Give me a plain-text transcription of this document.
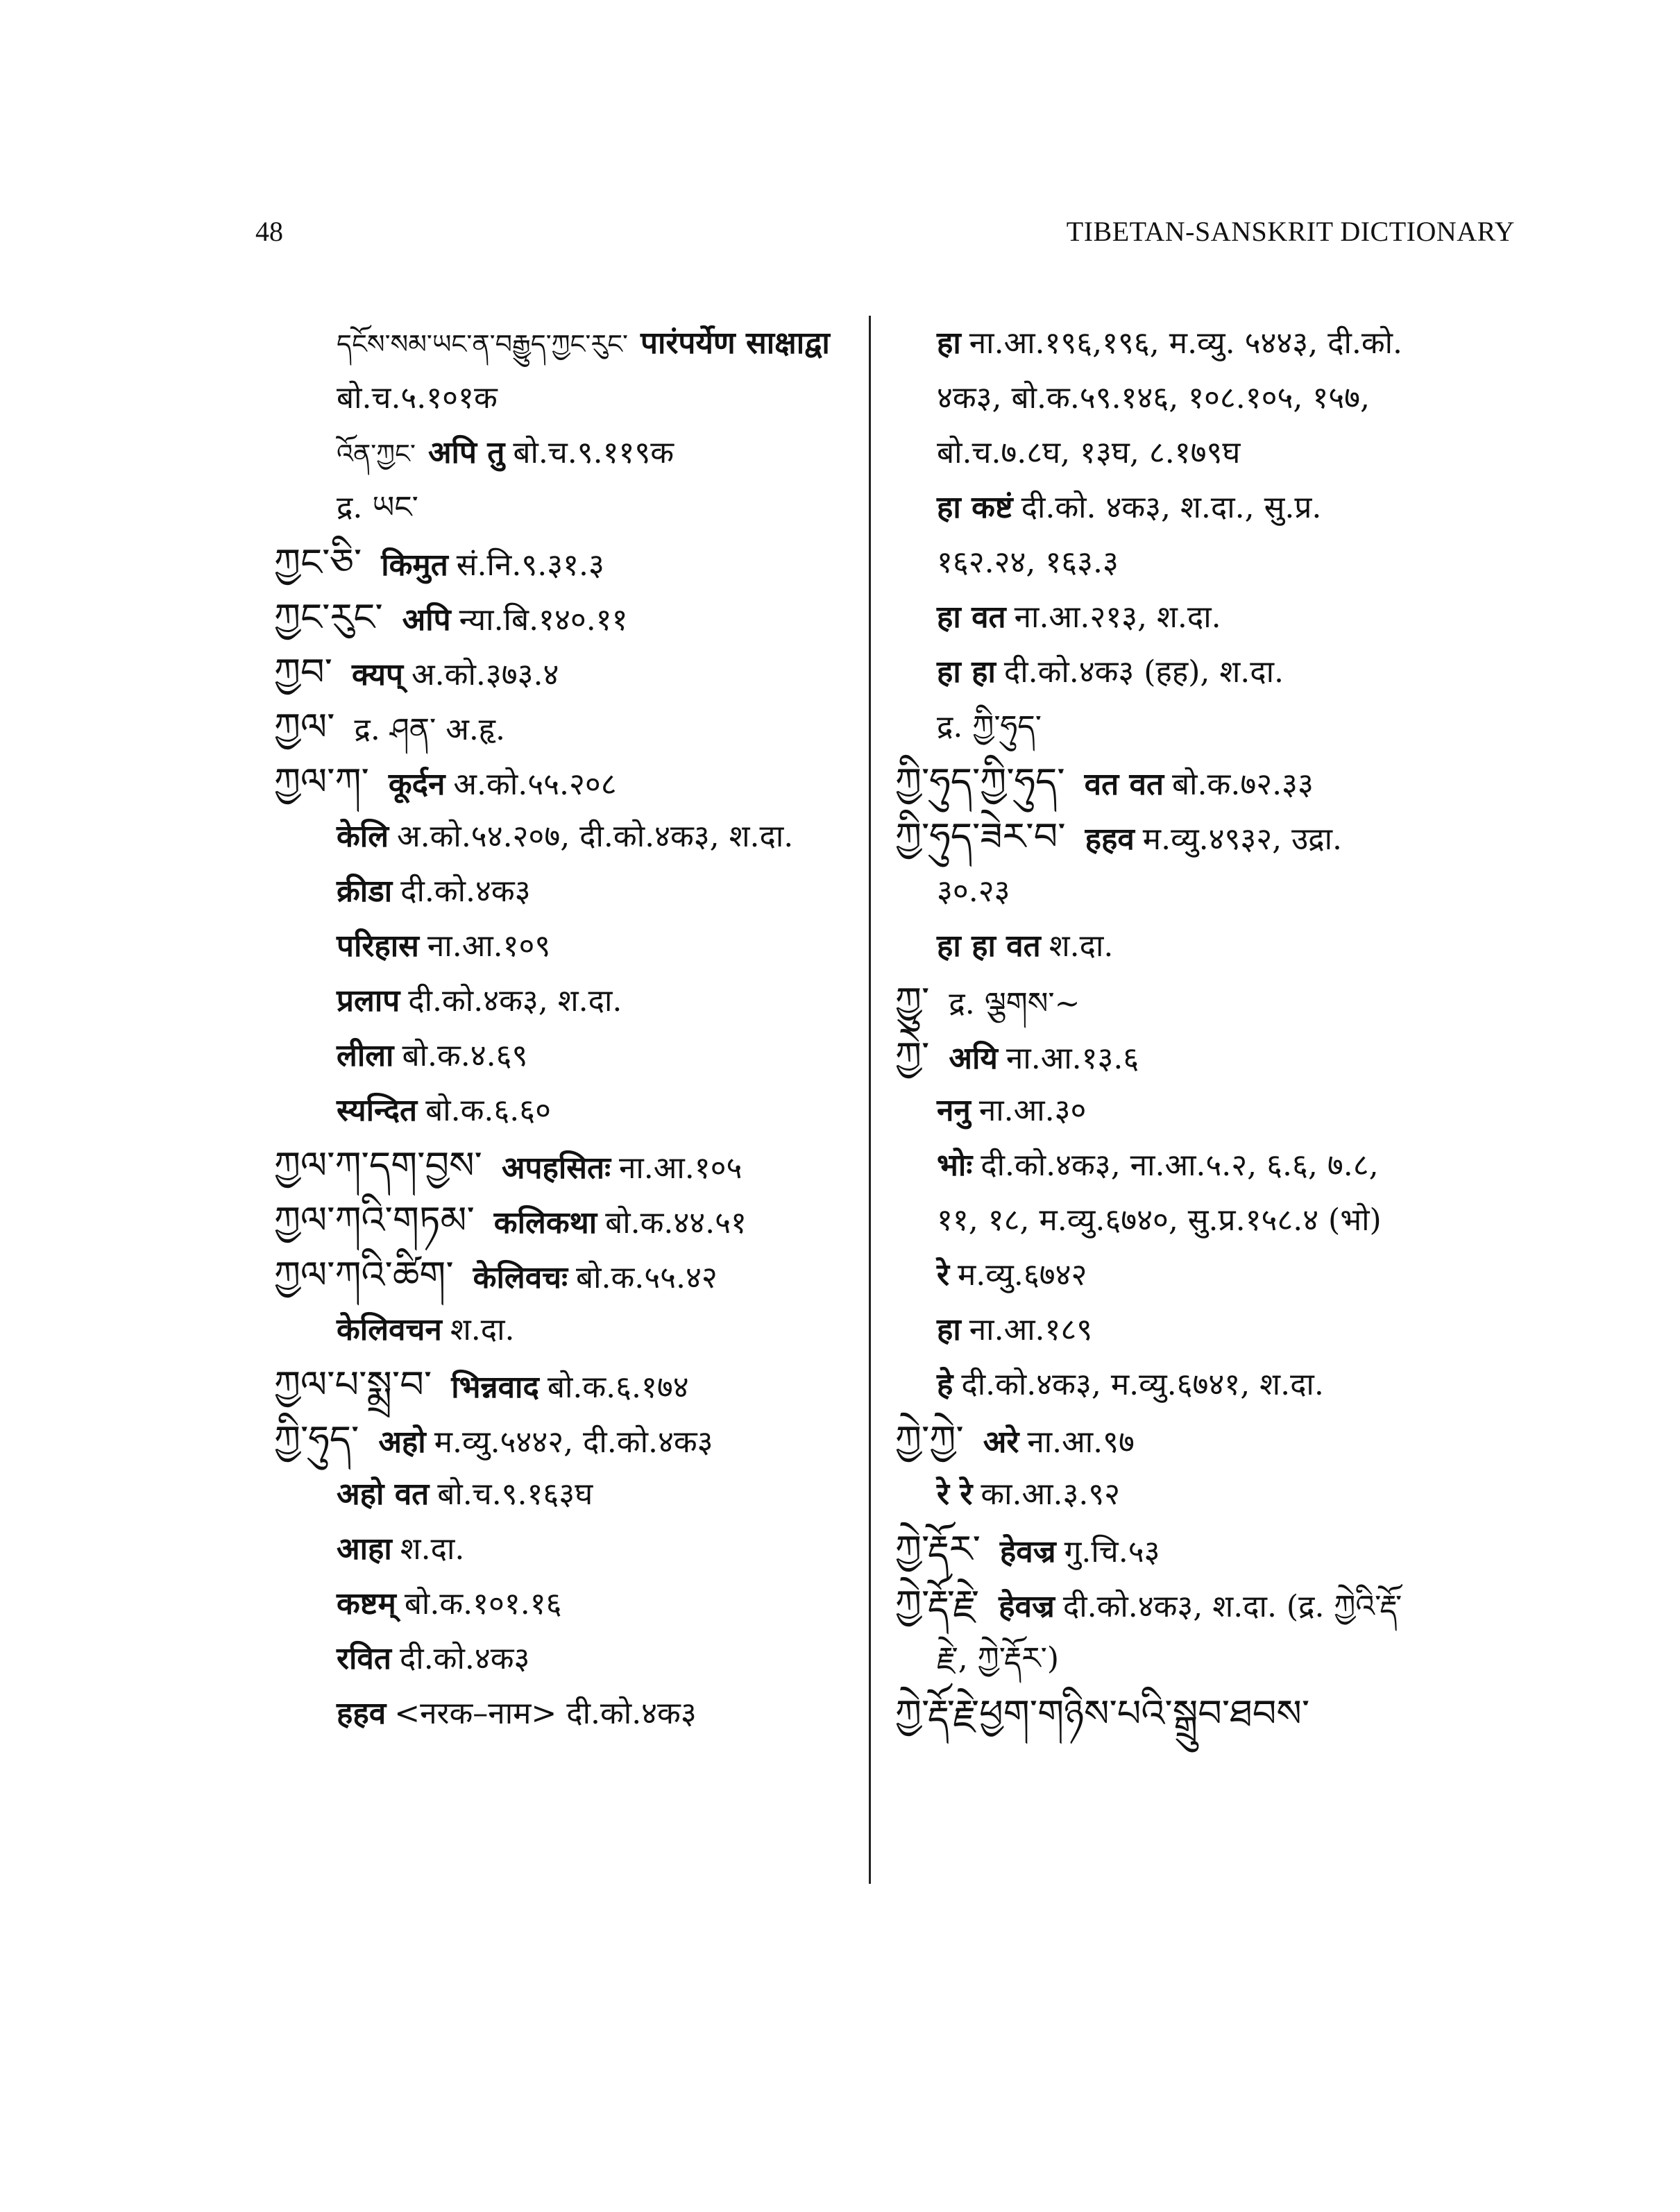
48	TIBETAN-SANSKRIT DICTIONARY
དངོས་སམ་ཡང་ན་བརྒྱུད་ཀྱང་རུང་ पारंपर्येण साक्षाद्वा
बो.च.५.१०१क
འོན་ཀྱང་ अपि तु बो.च.९.११९क
द्र. ཡང་
ཀྱང་ཅི་ किमुत सं.नि.९.३१.३
ཀྱང་རུང་ अपि न्या.बि.१४०.११
ཀྱབ་ क्यप् अ.को.३७३.४
ཀྱལ་ द्र. ཤན་ अ.हृ.
ཀྱལ་ཀ་ कूर्दन अ.को.५५.२०८
केलि अ.को.५४.२०७, दी.को.४क३, श.दा.
क्रीडा दी.को.४क३
परिहास ना.आ.१०९
प्रलाप दी.को.४क३, श.दा.
लीला बो.क.४.६९
स्यन्दित बो.क.६.६०
ཀྱལ་ཀ་དག་བྱས་ अपहसितः ना.आ.१०५
ཀྱལ་ཀའི་གཏམ་ कलिकथा बो.क.४४.५१
ཀྱལ་ཀའི་ཚིག་ केलिवचः बो.क.५५.४२
केलिवचन श.दा.
ཀྱལ་པ་སྨྲ་བ་ भिन्नवाद बो.क.६.१७४
ཀྱི་ཧུད་ अहो म.व्यु.५४४२, दी.को.४क३
अहो वत बो.च.९.१६३घ
आहा श.दा.
कष्टम् बो.क.१०१.१६
रवित दी.को.४क३
हहव <नरक–नाम> दी.को.४क३
हा ना.आ.१९६,१९६, म.व्यु. ५४४३, दी.को.
४क३, बो.क.५९.१४६, १०८.१०५, १५७,
बो.च.७.८घ, १३घ, ८.१७९घ
हा कष्टं दी.को. ४क३, श.दा., सु.प्र.
१६२.२४, १६३.३
हा वत ना.आ.२१३, श.दा.
हा हा दी.को.४क३ (हह), श.दा.
द्र. ཀྱི་ཧུད་
ཀྱི་ཧུད་ཀྱི་ཧུད་ वत वत बो.क.७२.३३
ཀྱི་ཧུད་ཟེར་བ་ हहव म.व्यु.४९३२, उद्रा.
३०.२३
हा हा वत श.दा.
ཀྱུ་ द्र. ལྕགས་~
ཀྱེ་ अयि ना.आ.१३.६
ननु ना.आ.३०
भोः दी.को.४क३, ना.आ.५.२, ६.६, ७.८,
११, १८, म.व्यु.६७४०, सु.प्र.१५८.४ (भो)
रे म.व्यु.६७४२
हा ना.आ.१८९
हे दी.को.४क३, म.व्यु.६७४१, श.दा.
ཀྱེ་ཀྱེ་ अरे ना.आ.९७
रे रे का.आ.३.९२
ཀྱེ་རྡོར་ हेवज्र गु.चि.५३
ཀྱེ་རྡོ་རྗེ་ हेवज्र दी.को.४क३, श.दा. (द्र. ཀྱེའི་རྡོ་
རྗེ་, ཀྱེ་རྡོར་)
ཀྱེ་རྡོ་རྗེ་ཕྱག་གཉིས་པའི་སྒྲུབ་ཐབས་
